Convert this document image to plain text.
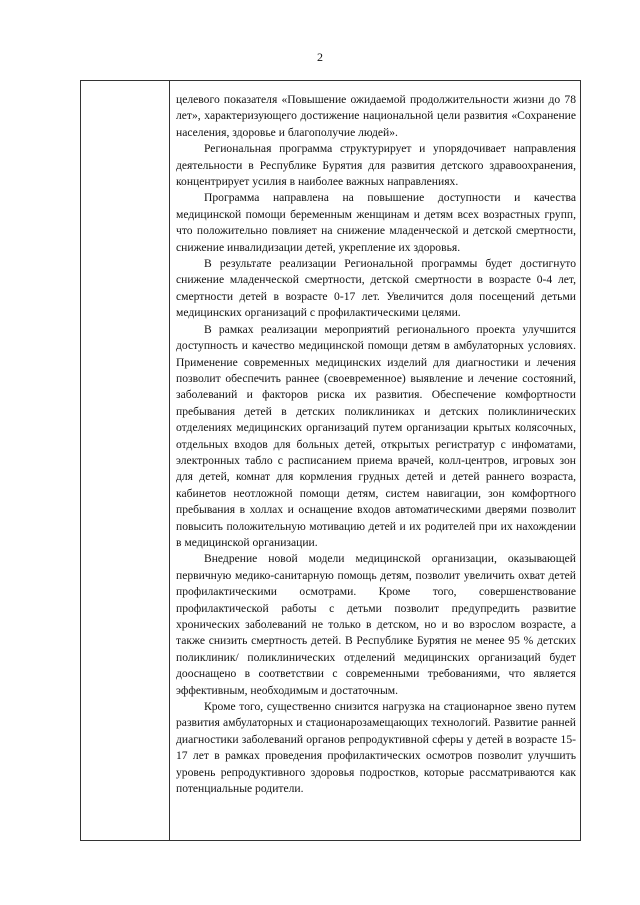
2

целевого показателя «Повышение ожидаемой продолжительности жизни до 78 лет», характеризующего достижение национальной цели развития «Сохранение населения, здоровье и благополучие людей».

Региональная программа структурирует и упорядочивает направления деятельности в Республике Бурятия для развития детского здравоохранения, концентрирует усилия в наиболее важных направлениях.

Программа направлена на повышение доступности и качества медицинской помощи беременным женщинам и детям всех возрастных групп, что положительно повлияет на снижение младенческой и детской смертности, снижение инвалидизации детей, укрепление их здоровья.

В результате реализации Региональной программы будет достигнуто снижение младенческой смертности, детской смертности в возрасте 0-4 лет, смертности детей в возрасте 0-17 лет. Увеличится доля посещений детьми медицинских организаций с профилактическими целями.

В рамках реализации мероприятий регионального проекта улучшится доступность и качество медицинской помощи детям в амбулаторных условиях. Применение современных медицинских изделий для диагностики и лечения позволит обеспечить раннее (своевременное) выявление и лечение состояний, заболеваний и факторов риска их развития. Обеспечение комфортности пребывания детей в детских поликлиниках и детских поликлинических отделениях медицинских организаций путем организации крытых колясочных, отдельных входов для больных детей, открытых регистратур с инфоматами, электронных табло с расписанием приема врачей, колл-центров, игровых зон для детей, комнат для кормления грудных детей и детей раннего возраста, кабинетов неотложной помощи детям, систем навигации, зон комфортного пребывания в холлах и оснащение входов автоматическими дверями позволит повысить положительную мотивацию детей и их родителей при их нахождении в медицинской организации.

Внедрение новой модели медицинской организации, оказывающей первичную медико-санитарную помощь детям, позволит увеличить охват детей профилактическими осмотрами. Кроме того, совершенствование профилактической работы с детьми позволит предупредить развитие хронических заболеваний не только в детском, но и во взрослом возрасте, а также снизить смертность детей. В Республике Бурятия не менее 95 % детских поликлиник/ поликлинических отделений медицинских организаций будет дооснащено в соответствии с современными требованиями, что является эффективным, необходимым и достаточным.

Кроме того, существенно снизится нагрузка на стационарное звено путем развития амбулаторных и стационарозамещающих технологий. Развитие ранней диагностики заболеваний органов репродуктивной сферы у детей в возрасте 15-17 лет в рамках проведения профилактических осмотров позволит улучшить уровень репродуктивного здоровья подростков, которые рассматриваются как потенциальные родители.
